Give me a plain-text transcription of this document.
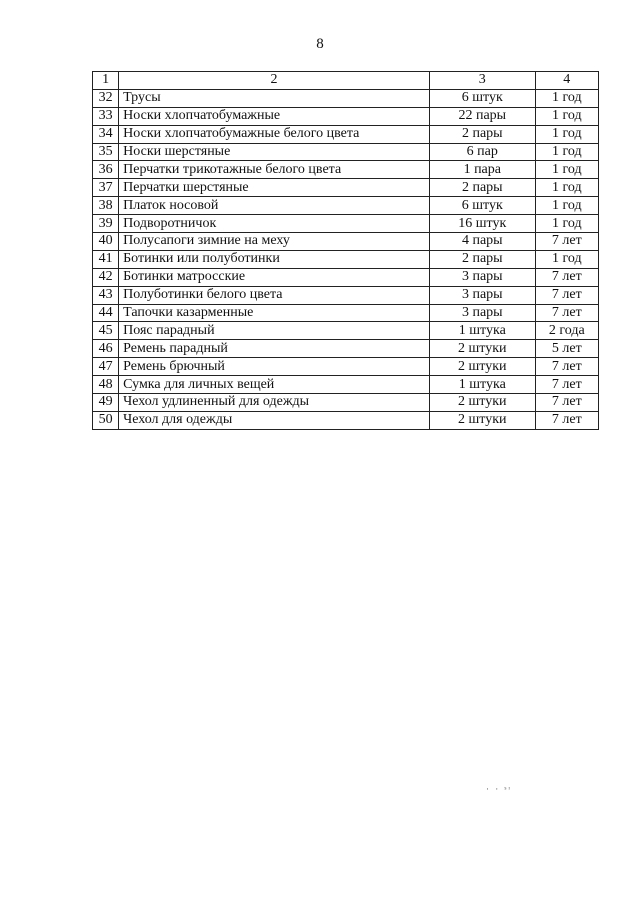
8
1	2	3	4
32	Трусы	6 штук	1 год
33	Носки хлопчатобумажные	22 пары	1 год
34	Носки хлопчатобумажные белого цвета	2 пары	1 год
35	Носки шерстяные	6 пар	1 год
36	Перчатки трикотажные белого цвета	1 пара	1 год
37	Перчатки шерстяные	2 пары	1 год
38	Платок носовой	6 штук	1 год
39	Подворотничок	16 штук	1 год
40	Полусапоги зимние на меху	4 пары	7 лет
41	Ботинки или полуботинки	2 пары	1 год
42	Ботинки матросские	3 пары	7 лет
43	Полуботинки белого цвета	3 пары	7 лет
44	Тапочки казарменные	3 пары	7 лет
45	Пояс парадный	1 штука	2 года
46	Ремень парадный	2 штуки	5 лет
47	Ремень брючный	2 штуки	7 лет
48	Сумка для личных вещей	1 штука	7 лет
49	Чехол удлиненный для одежды	2 штуки	7 лет
50	Чехол для одежды	2 штуки	7 лет
· · ˢᶦ
